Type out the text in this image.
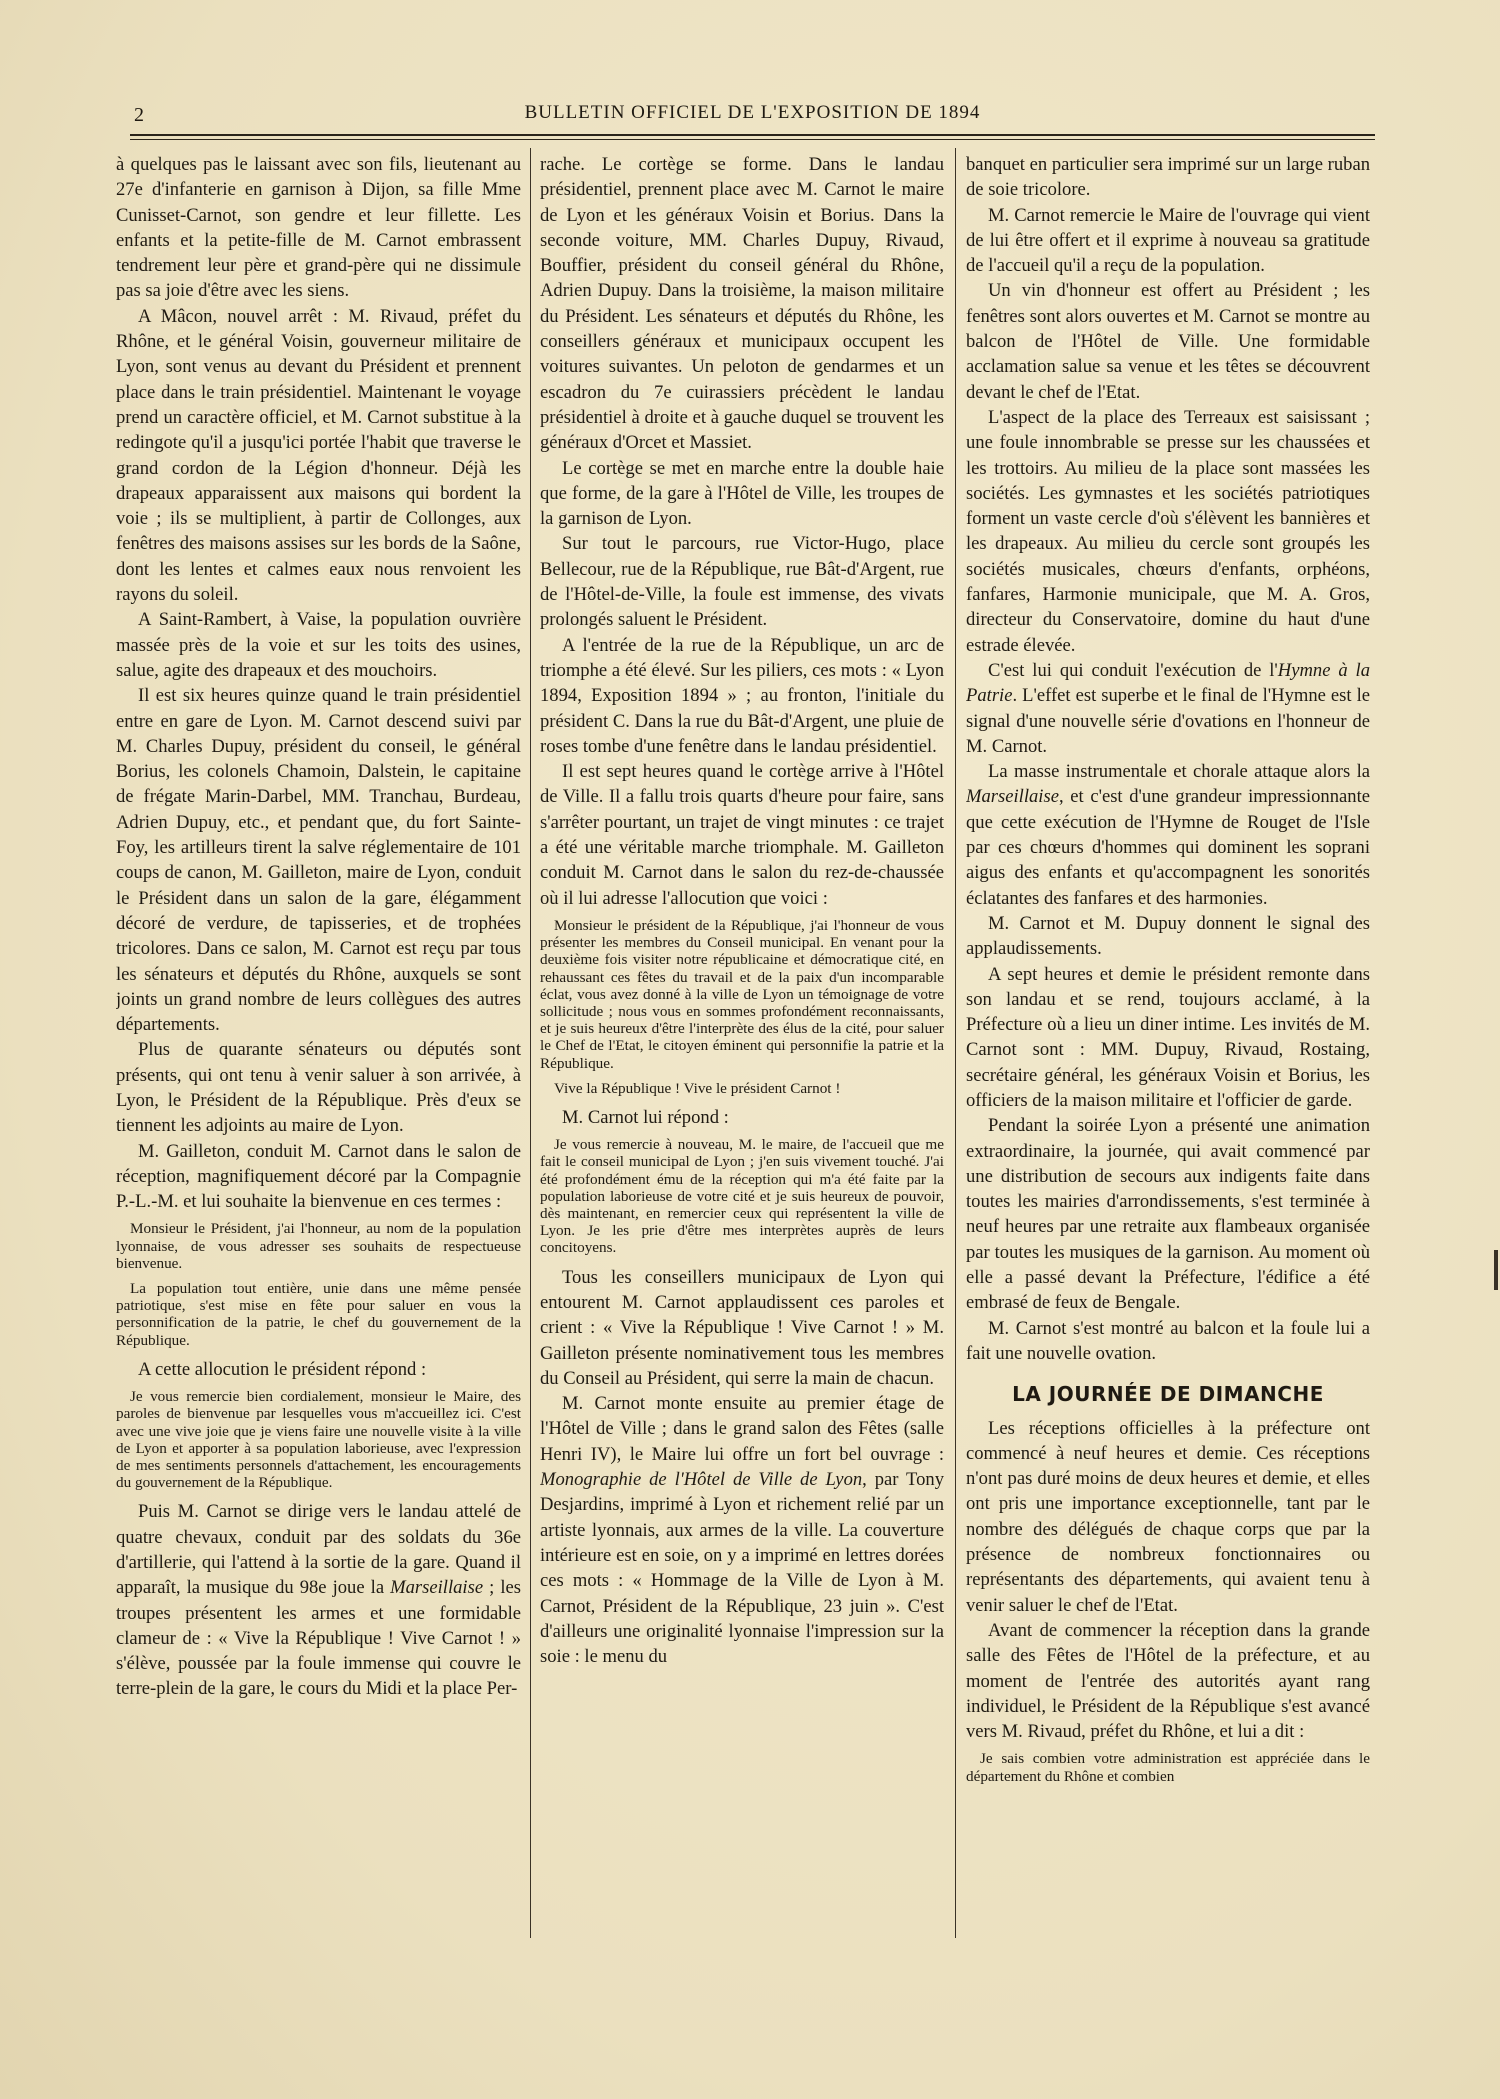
2	BULLETIN OFFICIEL DE L'EXPOSITION DE 1894

à quelques pas le laissant avec son fils, lieutenant au 27e d'infanterie en garnison à Dijon, sa fille Mme Cunisset-Carnot, son gendre et leur fillette. Les enfants et la petite-fille de M. Carnot embrassent tendrement leur père et grand-père qui ne dissimule pas sa joie d'être avec les siens.

A Mâcon, nouvel arrêt : M. Rivaud, préfet du Rhône, et le général Voisin, gouverneur militaire de Lyon, sont venus au devant du Président et prennent place dans le train présidentiel. Maintenant le voyage prend un caractère officiel, et M. Carnot substitue à la redingote qu'il a jusqu'ici portée l'habit que traverse le grand cordon de la Légion d'honneur. Déjà les drapeaux apparaissent aux maisons qui bordent la voie ; ils se multiplient, à partir de Collonges, aux fenêtres des maisons assises sur les bords de la Saône, dont les lentes et calmes eaux nous renvoient les rayons du soleil.

A Saint-Rambert, à Vaise, la population ouvrière massée près de la voie et sur les toits des usines, salue, agite des drapeaux et des mouchoirs.

Il est six heures quinze quand le train présidentiel entre en gare de Lyon. M. Carnot descend suivi par M. Charles Dupuy, président du conseil, le général Borius, les colonels Chamoin, Dalstein, le capitaine de frégate Marin-Darbel, MM. Tranchau, Burdeau, Adrien Dupuy, etc., et pendant que, du fort Sainte-Foy, les artilleurs tirent la salve réglementaire de 101 coups de canon, M. Gailleton, maire de Lyon, conduit le Président dans un salon de la gare, élégamment décoré de verdure, de tapisseries, et de trophées tricolores. Dans ce salon, M. Carnot est reçu par tous les sénateurs et députés du Rhône, auxquels se sont joints un grand nombre de leurs collègues des autres départements.

Plus de quarante sénateurs ou députés sont présents, qui ont tenu à venir saluer à son arrivée, à Lyon, le Président de la République. Près d'eux se tiennent les adjoints au maire de Lyon.

M. Gailleton, conduit M. Carnot dans le salon de réception, magnifiquement décoré par la Compagnie P.-L.-M. et lui souhaite la bienvenue en ces termes :

Monsieur le Président, j'ai l'honneur, au nom de la population lyonnaise, de vous adresser ses souhaits de respectueuse bienvenue.

La population tout entière, unie dans une même pensée patriotique, s'est mise en fête pour saluer en vous la personnification de la patrie, le chef du gouvernement de la République.

A cette allocution le président répond :

Je vous remercie bien cordialement, monsieur le Maire, des paroles de bienvenue par lesquelles vous m'accueillez ici. C'est avec une vive joie que je viens faire une nouvelle visite à la ville de Lyon et apporter à sa population laborieuse, avec l'expression de mes sentiments personnels d'attachement, les encouragements du gouvernement de la République.

Puis M. Carnot se dirige vers le landau attelé de quatre chevaux, conduit par des soldats du 36e d'artillerie, qui l'attend à la sortie de la gare. Quand il apparaît, la musique du 98e joue la Marseillaise ; les troupes présentent les armes et une formidable clameur de : « Vive la République ! Vive Carnot ! » s'élève, poussée par la foule immense qui couvre le terre-plein de la gare, le cours du Midi et la place Per-

rache. Le cortège se forme. Dans le landau présidentiel, prennent place avec M. Carnot le maire de Lyon et les généraux Voisin et Borius. Dans la seconde voiture, MM. Charles Dupuy, Rivaud, Bouffier, président du conseil général du Rhône, Adrien Dupuy. Dans la troisième, la maison militaire du Président. Les sénateurs et députés du Rhône, les conseillers généraux et municipaux occupent les voitures suivantes. Un peloton de gendarmes et un escadron du 7e cuirassiers précèdent le landau présidentiel à droite et à gauche duquel se trouvent les généraux d'Orcet et Massiet.

Le cortège se met en marche entre la double haie que forme, de la gare à l'Hôtel de Ville, les troupes de la garnison de Lyon.

Sur tout le parcours, rue Victor-Hugo, place Bellecour, rue de la République, rue Bât-d'Argent, rue de l'Hôtel-de-Ville, la foule est immense, des vivats prolongés saluent le Président.

A l'entrée de la rue de la République, un arc de triomphe a été élevé. Sur les piliers, ces mots : « Lyon 1894, Exposition 1894 » ; au fronton, l'initiale du président C. Dans la rue du Bât-d'Argent, une pluie de roses tombe d'une fenêtre dans le landau présidentiel.

Il est sept heures quand le cortège arrive à l'Hôtel de Ville. Il a fallu trois quarts d'heure pour faire, sans s'arrêter pourtant, un trajet de vingt minutes : ce trajet a été une véritable marche triomphale. M. Gailleton conduit M. Carnot dans le salon du rez-de-chaussée où il lui adresse l'allocution que voici :

Monsieur le président de la République, j'ai l'honneur de vous présenter les membres du Conseil municipal. En venant pour la deuxième fois visiter notre républicaine et démocratique cité, en rehaussant ces fêtes du travail et de la paix d'un incomparable éclat, vous avez donné à la ville de Lyon un témoignage de votre sollicitude ; nous vous en sommes profondément reconnaissants, et je suis heureux d'être l'interprète des élus de la cité, pour saluer le Chef de l'Etat, le citoyen éminent qui personnifie la patrie et la République.

Vive la République ! Vive le président Carnot !

M. Carnot lui répond :

Je vous remercie à nouveau, M. le maire, de l'accueil que me fait le conseil municipal de Lyon ; j'en suis vivement touché. J'ai été profondément ému de la réception qui m'a été faite par la population laborieuse de votre cité et je suis heureux de pouvoir, dès maintenant, en remercier ceux qui représentent la ville de Lyon. Je les prie d'être mes interprètes auprès de leurs concitoyens.

Tous les conseillers municipaux de Lyon qui entourent M. Carnot applaudissent ces paroles et crient : « Vive la République ! Vive Carnot ! » M. Gailleton présente nominativement tous les membres du Conseil au Président, qui serre la main de chacun.

M. Carnot monte ensuite au premier étage de l'Hôtel de Ville ; dans le grand salon des Fêtes (salle Henri IV), le Maire lui offre un fort bel ouvrage : Monographie de l'Hôtel de Ville de Lyon, par Tony Desjardins, imprimé à Lyon et richement relié par un artiste lyonnais, aux armes de la ville. La couverture intérieure est en soie, on y a imprimé en lettres dorées ces mots : « Hommage de la Ville de Lyon à M. Carnot, Président de la République, 23 juin ». C'est d'ailleurs une originalité lyonnaise l'impression sur la soie : le menu du

banquet en particulier sera imprimé sur un large ruban de soie tricolore.

M. Carnot remercie le Maire de l'ouvrage qui vient de lui être offert et il exprime à nouveau sa gratitude de l'accueil qu'il a reçu de la population.

Un vin d'honneur est offert au Président ; les fenêtres sont alors ouvertes et M. Carnot se montre au balcon de l'Hôtel de Ville. Une formidable acclamation salue sa venue et les têtes se découvrent devant le chef de l'Etat.

L'aspect de la place des Terreaux est saisissant ; une foule innombrable se presse sur les chaussées et les trottoirs. Au milieu de la place sont massées les sociétés. Les gymnastes et les sociétés patriotiques forment un vaste cercle d'où s'élèvent les bannières et les drapeaux. Au milieu du cercle sont groupés les sociétés musicales, chœurs d'enfants, orphéons, fanfares, Harmonie municipale, que M. A. Gros, directeur du Conservatoire, domine du haut d'une estrade élevée.

C'est lui qui conduit l'exécution de l'Hymne à la Patrie. L'effet est superbe et le final de l'Hymne est le signal d'une nouvelle série d'ovations en l'honneur de M. Carnot.

La masse instrumentale et chorale attaque alors la Marseillaise, et c'est d'une grandeur impressionnante que cette exécution de l'Hymne de Rouget de l'Isle par ces chœurs d'hommes qui dominent les soprani aigus des enfants et qu'accompagnent les sonorités éclatantes des fanfares et des harmonies.

M. Carnot et M. Dupuy donnent le signal des applaudissements.

A sept heures et demie le président remonte dans son landau et se rend, toujours acclamé, à la Préfecture où a lieu un diner intime. Les invités de M. Carnot sont : MM. Dupuy, Rivaud, Rostaing, secrétaire général, les généraux Voisin et Borius, les officiers de la maison militaire et l'officier de garde.

Pendant la soirée Lyon a présenté une animation extraordinaire, la journée, qui avait commencé par une distribution de secours aux indigents faite dans toutes les mairies d'arrondissements, s'est terminée à neuf heures par une retraite aux flambeaux organisée par toutes les musiques de la garnison. Au moment où elle a passé devant la Préfecture, l'édifice a été embrasé de feux de Bengale.

M. Carnot s'est montré au balcon et la foule lui a fait une nouvelle ovation.

LA JOURNÉE DE DIMANCHE

Les réceptions officielles à la préfecture ont commencé à neuf heures et demie. Ces réceptions n'ont pas duré moins de deux heures et demie, et elles ont pris une importance exceptionnelle, tant par le nombre des délégués de chaque corps que par la présence de nombreux fonctionnaires ou représentants des départements, qui avaient tenu à venir saluer le chef de l'Etat.

Avant de commencer la réception dans la grande salle des Fêtes de l'Hôtel de la préfecture, et au moment de l'entrée des autorités ayant rang individuel, le Président de la République s'est avancé vers M. Rivaud, préfet du Rhône, et lui a dit :

Je sais combien votre administration est appréciée dans le département du Rhône et combien
